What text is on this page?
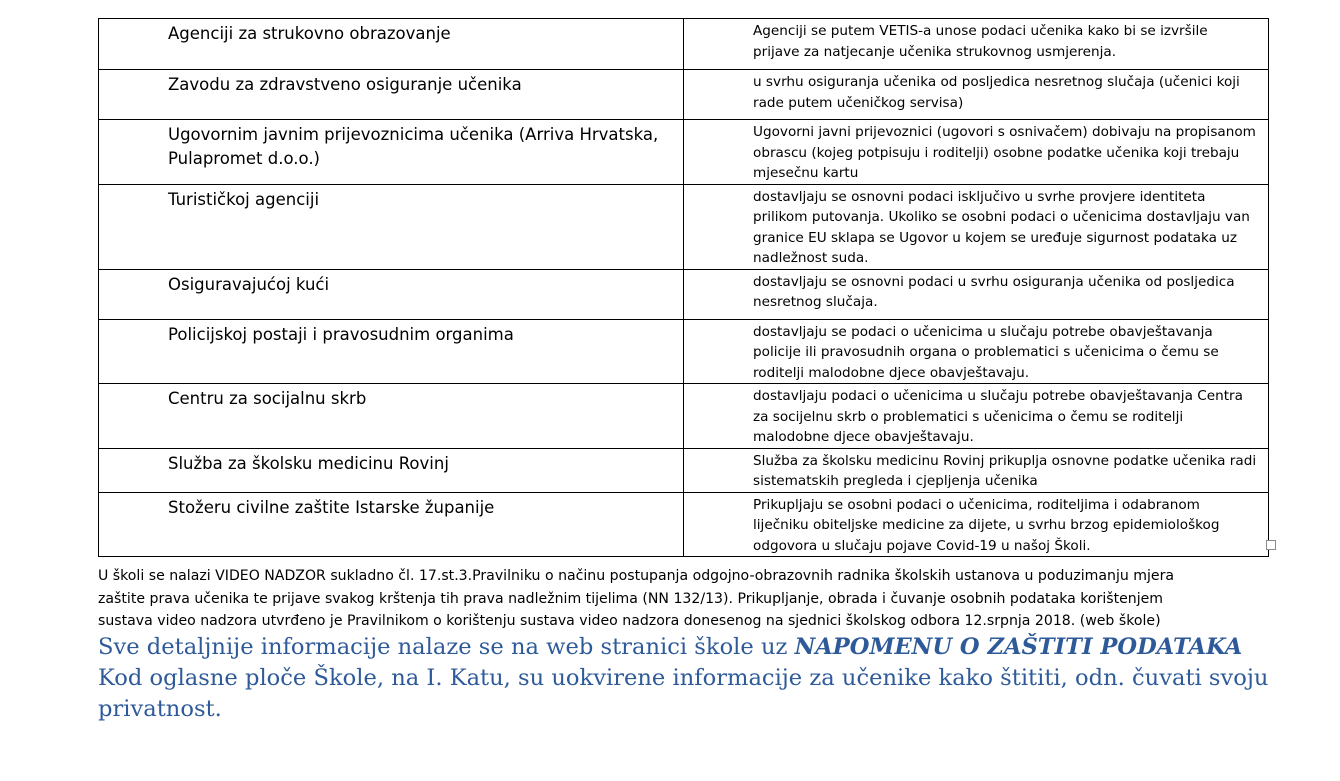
Agenciji za strukovno obrazovanje	Agenciji se putem VETIS-a unose podaci učenika kako bi se izvršile prijave za natjecanje učenika strukovnog usmjerenja.

Zavodu za zdravstveno osiguranje učenika	u svrhu osiguranja učenika od posljedica nesretnog slučaja (učenici koji rade putem učeničkog servisa)

Ugovornim javnim prijevoznicima učenika (Arriva Hrvatska, Pulapromet d.o.o.)	Ugovorni javni prijevoznici (ugovori s osnivačem) dobivaju na propisanom obrascu (kojeg potpisuju i roditelji) osobne podatke učenika koji trebaju mjesečnu kartu

Turističkoj agenciji	dostavljaju se osnovni podaci isključivo u svrhe provjere identiteta prilikom putovanja. Ukoliko se osobni podaci o učenicima dostavljaju van granice EU sklapa se Ugovor u kojem se uređuje sigurnost podataka uz nadležnost suda.

Osiguravajućoj kući	dostavljaju se osnovni podaci u svrhu osiguranja učenika od posljedica nesretnog slučaja.

Policijskoj postaji i pravosudnim organima	dostavljaju se podaci o učenicima u slučaju potrebe obavještavanja policije ili pravosudnih organa o problematici s učenicima o čemu se roditelji malodobne djece obavještavaju.

Centru za socijalnu skrb	dostavljaju podaci o učenicima u slučaju potrebe obavještavanja Centra za socijelnu skrb o problematici s učenicima o čemu se roditelji malodobne djece obavještavaju.

Služba za školsku medicinu Rovinj	Služba za školsku medicinu Rovinj prikuplja osnovne podatke učenika radi sistematskih pregleda i cjepljenja učenika

Stožeru civilne zaštite Istarske županije	Prikupljaju se osobni podaci o učenicima, roditeljima i odabranom liječniku obiteljske medicine za dijete, u svrhu brzog epidemiološkog odgovora u slučaju pojave Covid-19 u našoj Školi.
U školi se nalazi VIDEO NADZOR sukladno čl. 17.st.3.Pravilniku o načinu postupanja odgojno-obrazovnih radnika školskih ustanova u poduzimanju mjera
zaštite prava učenika te prijave svakog krštenja tih prava nadležnim tijelima (NN 132/13). Prikupljanje, obrada i čuvanje osobnih podataka korištenjem
sustava video nadzora utvrđeno je Pravilnikom o korištenju sustava video nadzora donesenog na sjednici školskog odbora 12.srpnja 2018. (web škole)
Sve detaljnije informacije nalaze se na web stranici škole uz NAPOMENU O ZAŠTITI PODATAKA
Kod oglasne ploče Škole, na I. Katu, su uokvirene informacije za učenike kako štititi, odn. čuvati svoju
privatnost.
